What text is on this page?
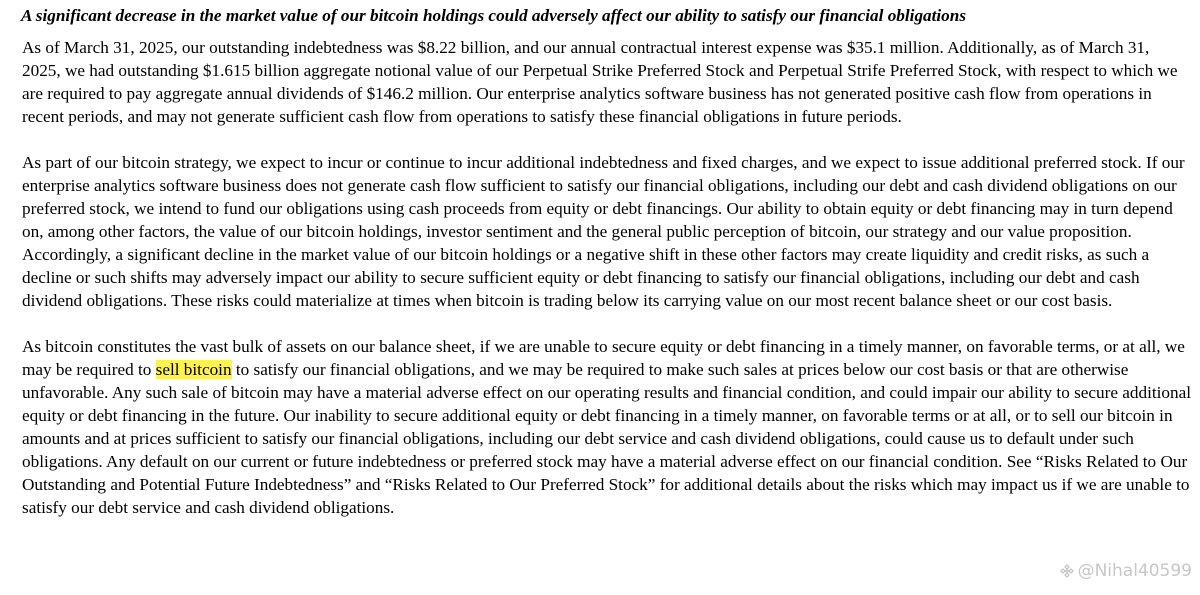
A significant decrease in the market value of our bitcoin holdings could adversely affect our ability to satisfy our financial obligations

As of March 31, 2025, our outstanding indebtedness was $8.22 billion, and our annual contractual interest expense was $35.1 million. Additionally, as of March 31, 2025, we had outstanding $1.615 billion aggregate notional value of our Perpetual Strike Preferred Stock and Perpetual Strife Preferred Stock, with respect to which we are required to pay aggregate annual dividends of $146.2 million. Our enterprise analytics software business has not generated positive cash flow from operations in recent periods, and may not generate sufficient cash flow from operations to satisfy these financial obligations in future periods.

As part of our bitcoin strategy, we expect to incur or continue to incur additional indebtedness and fixed charges, and we expect to issue additional preferred stock. If our enterprise analytics software business does not generate cash flow sufficient to satisfy our financial obligations, including our debt and cash dividend obligations on our preferred stock, we intend to fund our obligations using cash proceeds from equity or debt financings. Our ability to obtain equity or debt financing may in turn depend on, among other factors, the value of our bitcoin holdings, investor sentiment and the general public perception of bitcoin, our strategy and our value proposition. Accordingly, a significant decline in the market value of our bitcoin holdings or a negative shift in these other factors may create liquidity and credit risks, as such a decline or such shifts may adversely impact our ability to secure sufficient equity or debt financing to satisfy our financial obligations, including our debt and cash dividend obligations. These risks could materialize at times when bitcoin is trading below its carrying value on our most recent balance sheet or our cost basis.

As bitcoin constitutes the vast bulk of assets on our balance sheet, if we are unable to secure equity or debt financing in a timely manner, on favorable terms, or at all, we may be required to sell bitcoin to satisfy our financial obligations, and we may be required to make such sales at prices below our cost basis or that are otherwise unfavorable. Any such sale of bitcoin may have a material adverse effect on our operating results and financial condition, and could impair our ability to secure additional equity or debt financing in the future. Our inability to secure additional equity or debt financing in a timely manner, on favorable terms or at all, or to sell our bitcoin in amounts and at prices sufficient to satisfy our financial obligations, including our debt service and cash dividend obligations, could cause us to default under such obligations. Any default on our current or future indebtedness or preferred stock may have a material adverse effect on our financial condition. See “Risks Related to Our Outstanding and Potential Future Indebtedness” and “Risks Related to Our Preferred Stock” for additional details about the risks which may impact us if we are unable to satisfy our debt service and cash dividend obligations.

@Nihal40599
